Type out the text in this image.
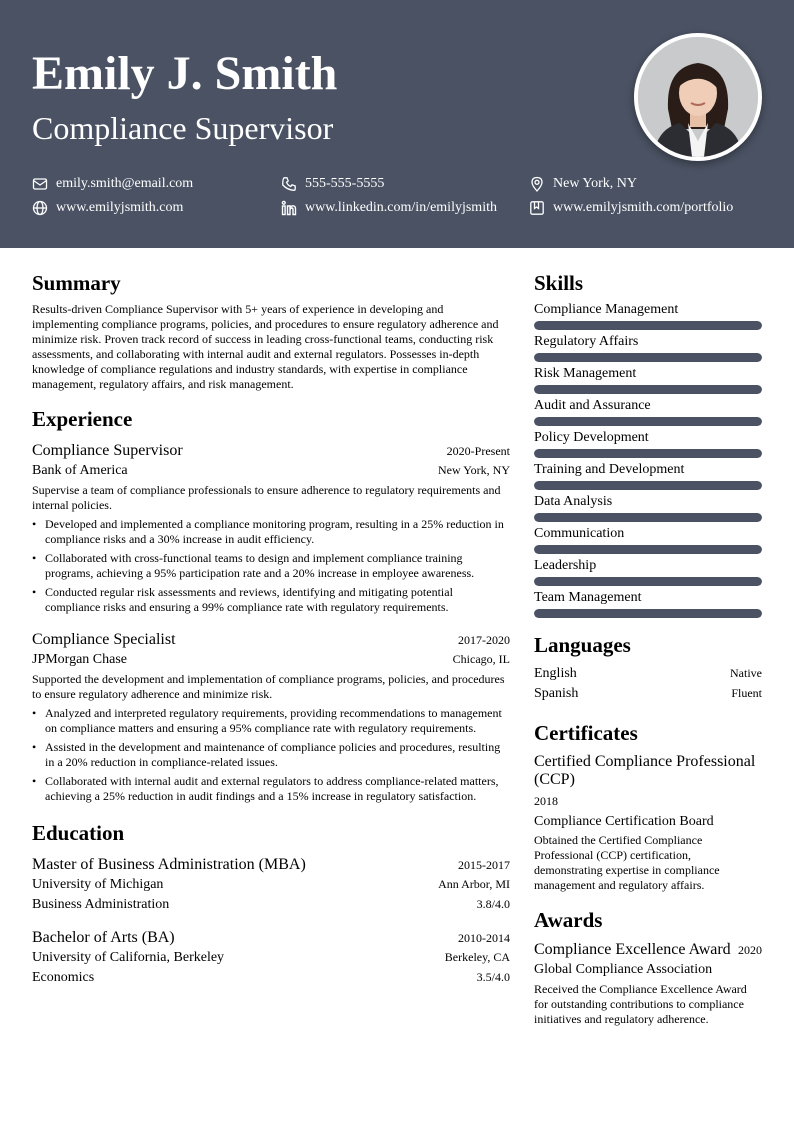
Emily J. Smith
Compliance Supervisor
emily.smith@email.com	555-555-5555	New York, NY
www.emilyjsmith.com	www.linkedin.com/in/emilyjsmith	www.emilyjsmith.com/portfolio
Summary

Results-driven Compliance Supervisor with 5+ years of experience in developing and implementing compliance programs, policies, and procedures to ensure regulatory adherence and minimize risk. Proven track record of success in leading cross-functional teams, conducting risk assessments, and collaborating with internal audit and external regulators. Possesses in-depth knowledge of compliance regulations and industry standards, with expertise in compliance management, regulatory affairs, and risk management.

Experience
Compliance Supervisor	2020-Present
Bank of America	New York, NY

Supervise a team of compliance professionals to ensure adherence to regulatory requirements and internal policies.

• Developed and implemented a compliance monitoring program, resulting in a 25% reduction in compliance risks and a 30% increase in audit efficiency.
• Collaborated with cross-functional teams to design and implement compliance training programs, achieving a 95% participation rate and a 20% increase in employee awareness.
• Conducted regular risk assessments and reviews, identifying and mitigating potential compliance risks and ensuring a 99% compliance rate with regulatory requirements.
Compliance Specialist	2017-2020
JPMorgan Chase	Chicago, IL

Supported the development and implementation of compliance programs, policies, and procedures to ensure regulatory adherence and minimize risk.

• Analyzed and interpreted regulatory requirements, providing recommendations to management on compliance matters and ensuring a 95% compliance rate with regulatory requirements.
• Assisted in the development and maintenance of compliance policies and procedures, resulting in a 20% reduction in compliance-related issues.
• Collaborated with internal audit and external regulators to address compliance-related matters, achieving a 25% reduction in audit findings and a 15% increase in regulatory satisfaction.
Education
Master of Business Administration (MBA)	2015-2017
University of Michigan	Ann Arbor, MI
Business Administration	3.8/4.0
Bachelor of Arts (BA)	2010-2014
University of California, Berkeley	Berkeley, CA
Economics	3.5/4.0
Skills
Compliance Management
Regulatory Affairs
Risk Management
Audit and Assurance
Policy Development
Training and Development
Data Analysis
Communication
Leadership
Team Management
Languages
English	Native
Spanish	Fluent
Certificates
Certified Compliance Professional (CCP)
2018
Compliance Certification Board
Obtained the Certified Compliance Professional (CCP) certification, demonstrating expertise in compliance management and regulatory affairs.
Awards
Compliance Excellence Award 2020
Global Compliance Association
Received the Compliance Excellence Award for outstanding contributions to compliance initiatives and regulatory adherence.
